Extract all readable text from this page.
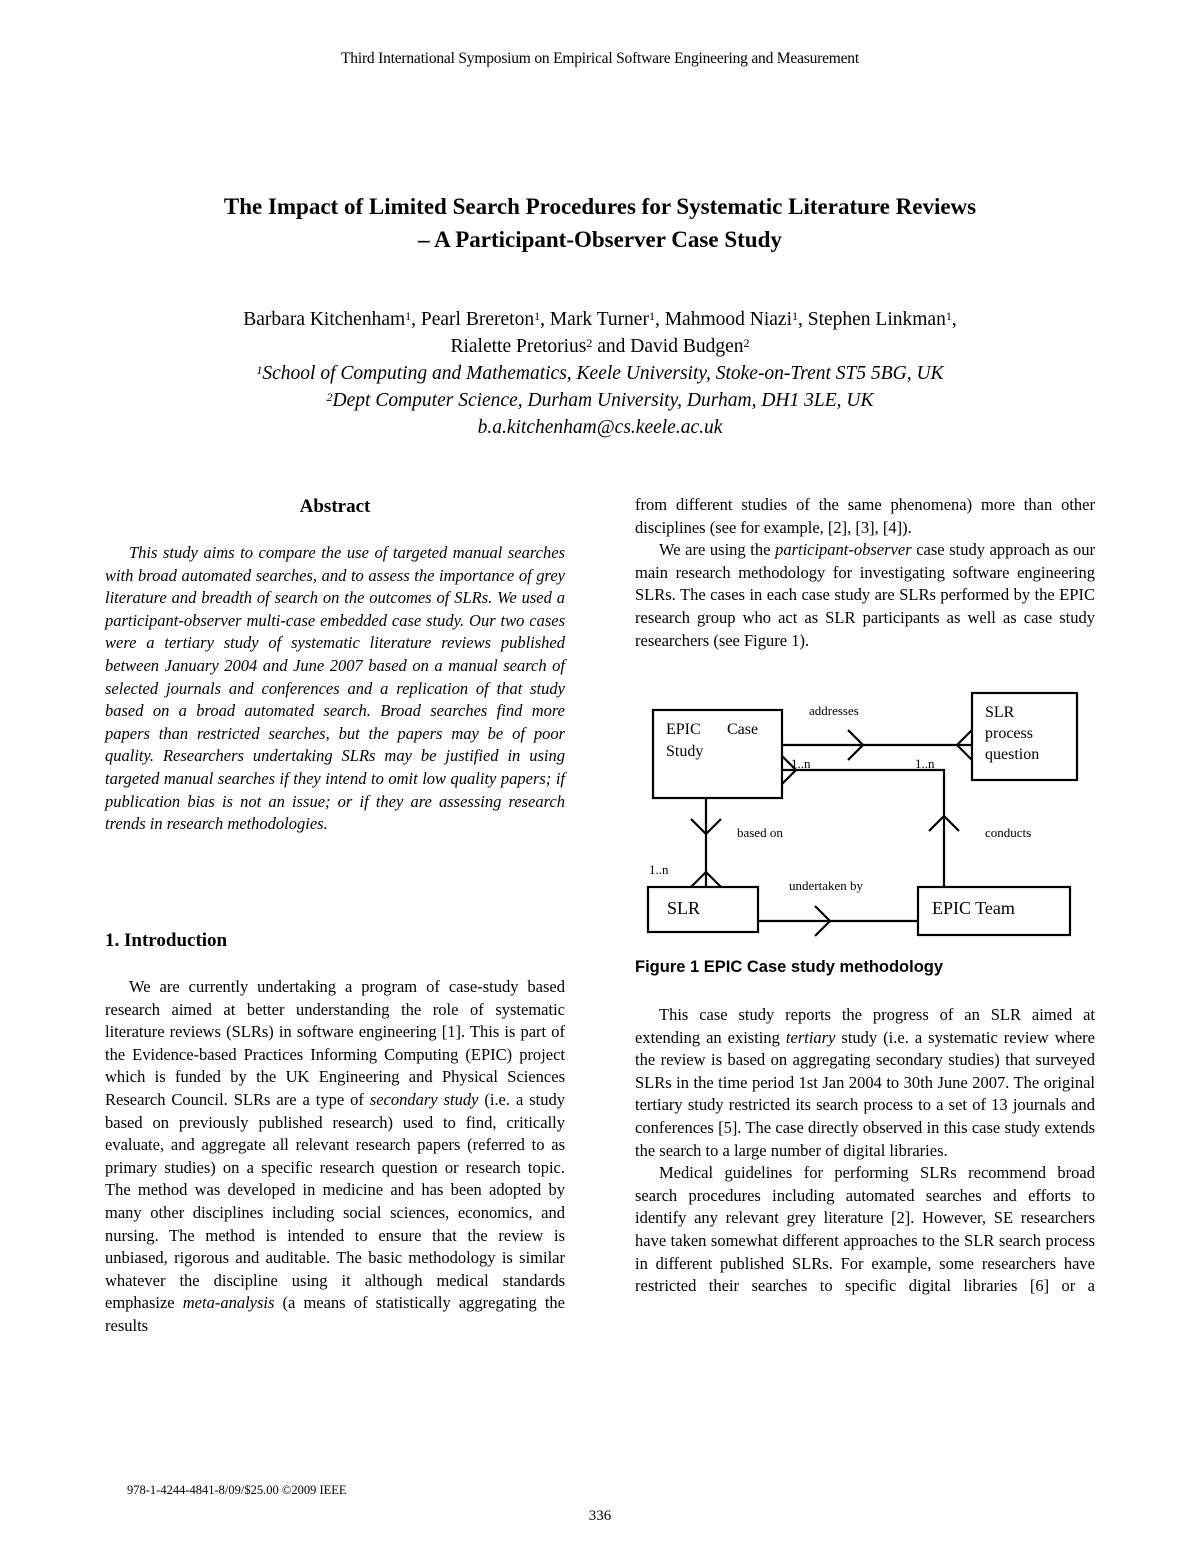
Third International Symposium on Empirical Software Engineering and Measurement
The Impact of Limited Search Procedures for Systematic Literature Reviews
– A Participant-Observer Case Study
Barbara Kitchenham$^1$, Pearl Brereton$^1$, Mark Turner$^1$, Mahmood Niazi$^1$, Stephen Linkman$^1$,
Rialette Pretorius$^2$ and David Budgen$^2$
$^1$School of Computing and Mathematics, Keele University, Stoke-on-Trent ST5 5BG, UK
$^2$Dept Computer Science, Durham University, Durham, DH1 3LE, UK
b.a.kitchenham@cs.keele.ac.uk
Abstract

This study aims to compare the use of targeted manual searches with broad automated searches, and to assess the importance of grey literature and breadth of search on the outcomes of SLRs. We used a participant-observer multi-case embedded case study. Our two cases were a tertiary study of systematic literature reviews published between January 2004 and June 2007 based on a manual search of selected journals and conferences and a replication of that study based on a broad automated search. Broad searches find more papers than restricted searches, but the papers may be of poor quality. Researchers undertaking SLRs may be justified in using targeted manual searches if they intend to omit low quality papers; if publication bias is not an issue; or if they are assessing research trends in research methodologies.

1. Introduction

We are currently undertaking a program of case-study based research aimed at better understanding the role of systematic literature reviews (SLRs) in software engineering [1]. This is part of the Evidence-based Practices Informing Computing (EPIC) project which is funded by the UK Engineering and Physical Sciences Research Council. SLRs are a type of secondary study (i.e. a study based on previously published research) used to find, critically evaluate, and aggregate all relevant research papers (referred to as primary studies) on a specific research question or research topic. The method was developed in medicine and has been adopted by many other disciplines including social sciences, economics, and nursing. The method is intended to ensure that the review is unbiased, rigorous and auditable. The basic methodology is similar whatever the discipline using it although medical standards emphasize meta-analysis (a means of statistically aggregating the results

from different studies of the same phenomena) more than other disciplines (see for example, [2], [3], [4]).

We are using the participant-observer case study approach as our main research methodology for investigating software engineering SLRs. The cases in each case study are SLRs performed by the EPIC research group who act as SLR participants as well as case study researchers (see Figure 1).

EPIC Case
Study
SLR
process
question
SLR	EPIC Team
addresses
based on	conducts
undertaken by
1..n	1..n
1..n
Figure 1 EPIC Case study methodology

This case study reports the progress of an SLR aimed at extending an existing tertiary study (i.e. a systematic review where the review is based on aggregating secondary studies) that surveyed SLRs in the time period 1st Jan 2004 to 30th June 2007. The original tertiary study restricted its search process to a set of 13 journals and conferences [5]. The case directly observed in this case study extends the search to a large number of digital libraries.

Medical guidelines for performing SLRs recommend broad search procedures including automated searches and efforts to identify any relevant grey literature [2]. However, SE researchers have taken somewhat different approaches to the SLR search process in different published SLRs. For example, some researchers have restricted their searches to specific digital libraries [6] or a

978-1-4244-4841-8/09/$25.00 ©2009 IEEE
336
